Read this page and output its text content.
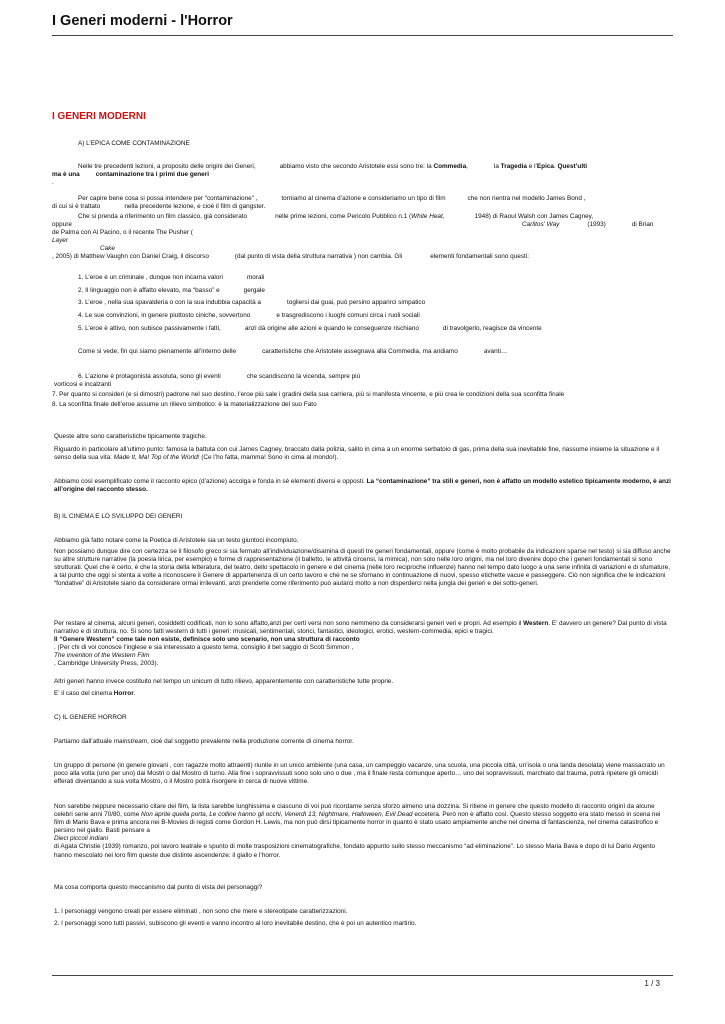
I Generi moderni - l'Horror
I GENERI MODERNI
A) L’EPICA COME CONTAMINAZIONE
Nelle tre precedenti lezioni, a proposito delle origini dei Generi,	abbiamo visto che secondo Aristotele essi sono tre: la Commedia,	la Tragedia e l’Epica. Quest’ulti
ma è una	contaminazione tra i primi due generi
.
Per capire bene cosa si possa intendere per “contaminazione” ,	torniamo al cinema d’azione e consideriamo un tipo di film	che non rientra nel modello James Bond ,
di cui si è trattato	nella precedente lezione, e cioè il film di gangster.
Che si prenda a riferimento un film classico, già considerato	nelle prime lezioni, come Pericolo Pubblico n.1 (White Heat,	1948) di Raoul Walsh con James Cagney,
oppure	Carlitos' Way	(1993)	di Brian
de Palma con Al Pacino, o il recente The Pusher (
Layer
Cake
, 2005) di Matthew Vaughn con Daniel Craig, il discorso	(dal punto di vista della struttura narrativa ) non cambia. Gli	elementi fondamentali sono questi:
1. L’eroe è un criminale , dunque non incarna valori	morali
2. Il linguaggio non è affatto elevato, ma “basso” e	gergale
3. L’eroe , nella sua spavalderia o con la sua indubbia capacità a	togliersi dai guai, può persino apparirci simpatico
4. Le sue convinzioni, in genere piuttosto ciniche, sovvertono	e trasgrediscono i luoghi comuni circa i ruoli sociali
5. L’eroe è attivo, non subisce passivamente i fatti,	anzi dà origine alle azioni e quando le conseguenze rischiano	di travolgerlo, reagisce da vincente
Come si vede, fin qui siamo pienamente all’interno delle	caratteristiche che Aristotele assegnava alla Commedia, ma andiamo	avanti…
6. L’azione è protagonista assoluta, sono gli eventi	che scandiscono la vicenda, sempre più
vorticosi e incalzanti
7. Per quanto si consideri (e si dimostri) padrone nel suo destino, l’eroe più sale i gradini della sua carriera, più si manifesta vincente, e più crea le condizioni della sua sconfitta finale
8. La sconfitta finale dell’eroe assume un rilievo simbolico: è la materializzazione del suo Fato
Queste altre sono caratteristiche tipicamente tragiche.
Riguardo in particolare all’ultimo punto: famosa la battuta con cui James Cagney, braccato dalla polizia, salito in cima a un enorme serbatoio di gas, prima della sua inevitabile fine, riassume insieme la situazione e il senso della sua vita: Made It, Ma! Top of the World! (Ce l’ho fatta, mamma! Sono in cima al mondo!).
Abbiamo così esemplificato come il racconto epico (d’azione) accolga e fonda in sé elementi diversi e opposti. La “contaminazione” tra stili e generi, non è affatto un modello estetico tipicamente moderno, è anzi all’origine del racconto stesso.
B) IL CINEMA E LO SVILUPPO DEI GENERI
Abbiamo già fatto notare come la Poetica di Aristotele sia un testo giuntoci incompiuto.
Non possiamo dunque dire con certezza se il filosofo greco si sia fermato all’individuazione/disamina di questi tre generi fondamentali, oppure (come è molto probabile da indicazioni sparse nel testo) si sia diffuso anche su altre strutture narrative (la poesia lirica, per esempio) e forme di rappresentazione (il balletto, le attività circensi, la mimica), non solo nelle loro origini, ma nel loro divenire dopo che i generi fondamentali si sono strutturati. Quel che è certo, è che la storia della letteratura, del teatro, dello spettacolo in genere e del cinema (nelle loro reciproche influenze) hanno nel tempo dato luogo a una serie infinita di variazioni e di sfumature, a tal punto che oggi si stenta a volte a riconoscere il Genere di appartenenza di un certo lavoro e che ne se sfornano in continuazione di nuovi, spesso etichette vacue e passeggere. Ciò non significa che le indicazioni “fondative” di Aristotele siano da considerare ormai irrilevanti, anzi prenderle come riferimento può aiutarci molto a non disperderci nella jungla dei generi e dei sotto-generi.
Per restare al cinema, alcuni generi, cosiddetti codificati, non lo sono affatto,anzi per certi versi non sono nemmeno da considerarsi generi veri e propri. Ad esempio il Western. E’ davvero un genere? Dal punto di vista narrativo e di struttura, no. Si sono fatti western di tutti i generi: musicali, sentimentali, storici, fantastici, ideologici, erotici, western-commedia, epici e tragici.
Il “Genere Western” come tale non esiste, definisce solo uno scenario, non una struttura di racconto
. (Per chi di voi conosce l’inglese e sia interessato a questo tema, consiglio il bel saggio di Scott Simmon ,
The invention of the Western Film
, Cambridge University Press, 2003).
Altri generi hanno invece costituito nel tempo un unicum di tutto rilievo, apparentemente con caratteristiche tutte proprie.
E’ il caso del cinema Horror.
C) IL GENERE HORROR
Partiamo dall’attuale mainstream, cioè dal soggetto prevalente nella produzione corrente di cinema horror.
Un gruppo di persone (in genere giovani , con ragazze molto attraenti) riunite in un unico ambiente (una casa, un campeggio vacanze, una scuola, una piccola città, un’isola o una landa desolata) viene massacrato un poco alla volta (uno per uno) dai Mostri o dal Mostro di turno. Alla fine i sopravvissuti sono solo uno o due , ma il finale resta comunque aperto… uno dei sopravvissuti, marchiato dal trauma, potrà ripetere gli omicidi efferati diventando a sua volta Mostro, o il Mostro potrà risorgere in cerca di nuove vittime.
Non sarebbe neppure necessario citare dei film, la lista sarebbe lunghissima e ciascuno di voi può ricordarne senza sforzo almeno una dozzina. Si ritiene in genere che questo modello di racconto originì da alcune celebri serie anni 70/80, come Non aprite quella porta, Le colline hanno gli occhi, Venerdì 13, Nightmare, Halloween, Evil Dead eccetera. Però non è affatto così. Questo stesso soggetto era stato messo in scena nei film di Mario Bava e prima ancora nei B-Movies di registi come Gordon H. Lewis, ma non può dirsi tipicamente horror in quanto è stato usato ampiamente anche nel cinema di fantascienza, nel cinema catastrofico e persino nel giallo. Basti pensare a
Dieci piccoli indiani
di Agata Christie (1939) romanzo, poi lavoro teatrale e spunto di molte trasposizioni cinematografiche, fondato appunto sullo stesso meccanismo “ad eliminazione”. Lo stesso Maria Bava e dopo di lui Dario Argento hanno mescolato nei loro film queste due distinte ascendenze: il giallo e l’horror.
Ma cosa comporta questo meccanismo dal punto di vista dei personaggi?
1. I personaggi vengono creati per essere eliminati , non sono che mere e stereotipate caratterizzazioni.
2. I personaggi sono tutti passivi, subiscono gli eventi e vanno incontro al loro inevitabile destino, che è poi un autentico martirio.
1 / 3
